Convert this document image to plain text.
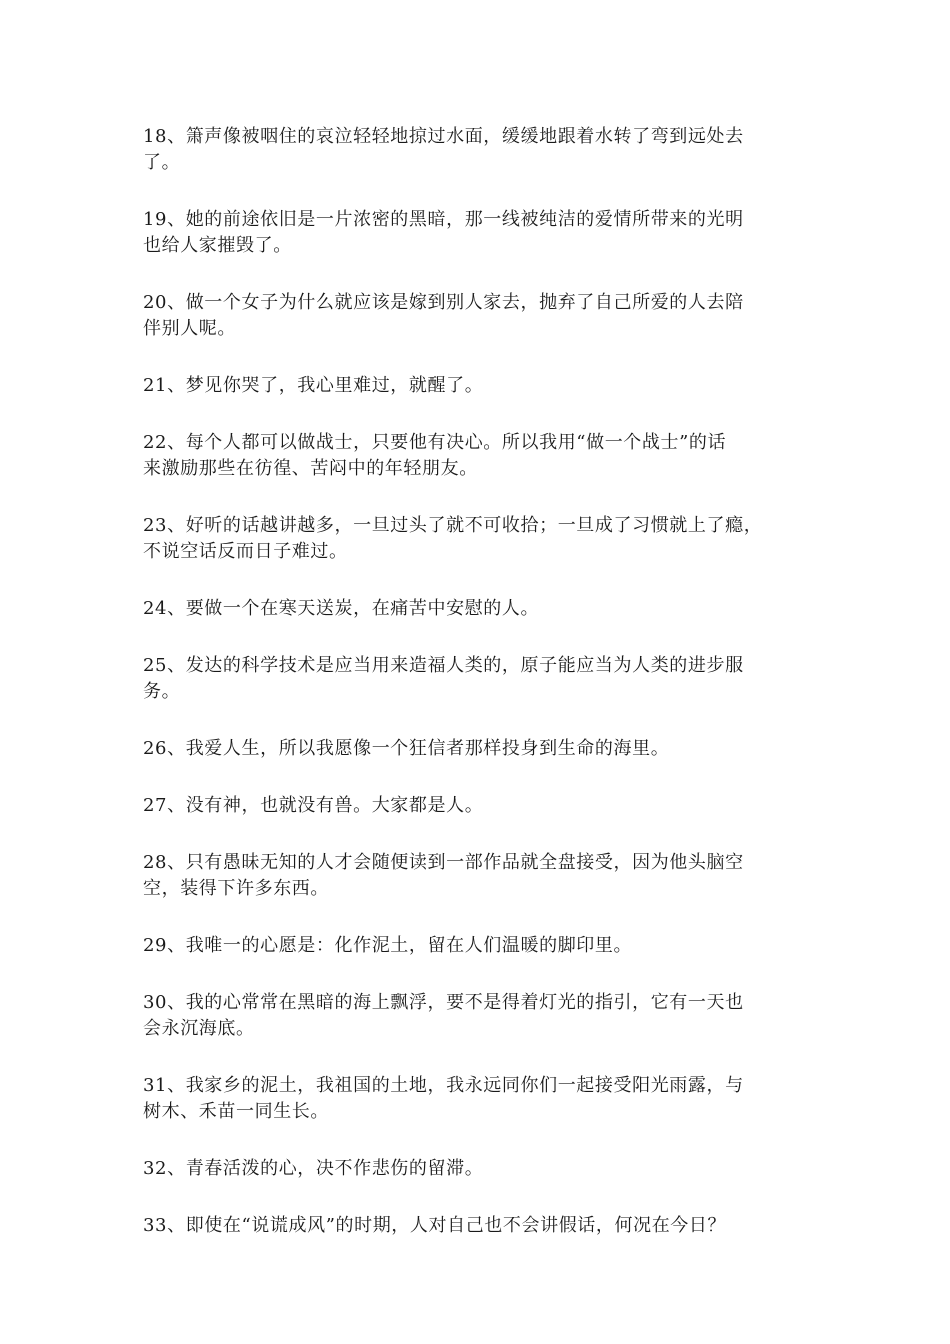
18、箫声像被咽住的哀泣轻轻地掠过水面，缓缓地跟着水转了弯到远处去
了。

19、她的前途依旧是一片浓密的黑暗，那一线被纯洁的爱情所带来的光明
也给人家摧毁了。

20、做一个女子为什么就应该是嫁到别人家去，抛弃了自己所爱的人去陪
伴别人呢。

21、梦见你哭了，我心里难过，就醒了。

22、每个人都可以做战士，只要他有决心。所以我用“做一个战士”的话
来激励那些在彷徨、苦闷中的年轻朋友。

23、好听的话越讲越多，一旦过头了就不可收拾；一旦成了习惯就上了瘾，
不说空话反而日子难过。

24、要做一个在寒天送炭，在痛苦中安慰的人。

25、发达的科学技术是应当用来造福人类的，原子能应当为人类的进步服
务。

26、我爱人生，所以我愿像一个狂信者那样投身到生命的海里。

27、没有神，也就没有兽。大家都是人。

28、只有愚昧无知的人才会随便读到一部作品就全盘接受，因为他头脑空
空，装得下许多东西。

29、我唯一的心愿是：化作泥土，留在人们温暖的脚印里。

30、我的心常常在黑暗的海上飘浮，要不是得着灯光的指引，它有一天也
会永沉海底。

31、我家乡的泥土，我祖国的土地，我永远同你们一起接受阳光雨露，与
树木、禾苗一同生长。

32、青春活泼的心，决不作悲伤的留滞。

33、即使在“说谎成风”的时期，人对自己也不会讲假话，何况在今日？
